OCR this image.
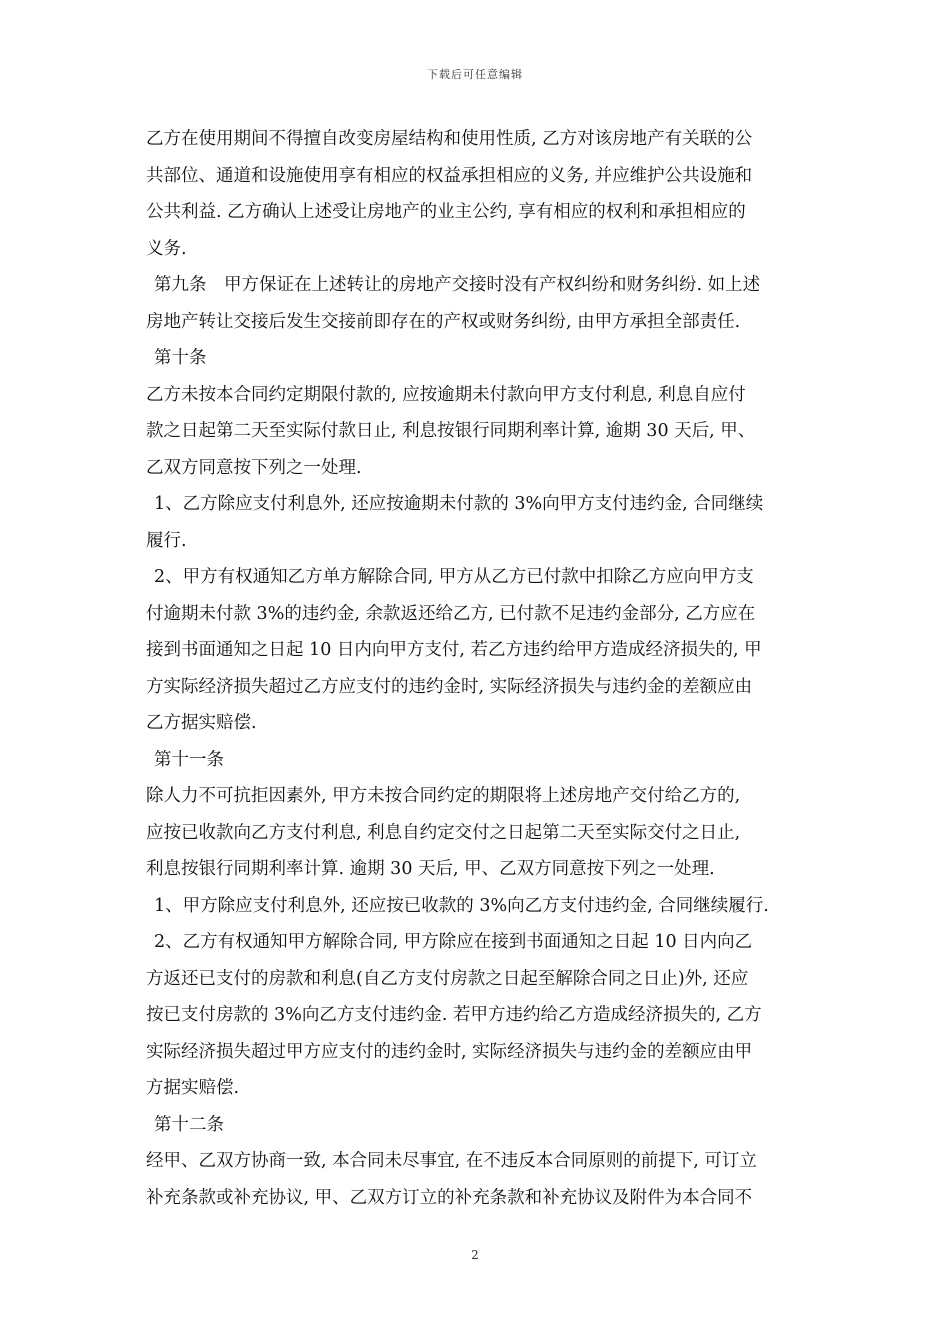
下载后可任意编辑
乙方在使用期间不得擅自改变房屋结构和使用性质, 乙方对该房地产有关联的公
共部位、通道和设施使用享有相应的权益承担相应的义务, 并应维护公共设施和
公共利益. 乙方确认上述受让房地产的业主公约, 享有相应的权利和承担相应的
义务.
第九条　甲方保证在上述转让的房地产交接时没有产权纠纷和财务纠纷. 如上述
房地产转让交接后发生交接前即存在的产权或财务纠纷, 由甲方承担全部责任.
第十条
乙方未按本合同约定期限付款的, 应按逾期未付款向甲方支付利息, 利息自应付
款之日起第二天至实际付款日止, 利息按银行同期利率计算, 逾期 30 天后, 甲、
乙双方同意按下列之一处理.
1、乙方除应支付利息外, 还应按逾期未付款的 3%向甲方支付违约金, 合同继续
履行.
2、甲方有权通知乙方单方解除合同, 甲方从乙方已付款中扣除乙方应向甲方支
付逾期未付款 3%的违约金, 余款返还给乙方, 已付款不足违约金部分, 乙方应在
接到书面通知之日起 10 日内向甲方支付, 若乙方违约给甲方造成经济损失的, 甲
方实际经济损失超过乙方应支付的违约金时, 实际经济损失与违约金的差额应由
乙方据实赔偿.
第十一条
除人力不可抗拒因素外, 甲方未按合同约定的期限将上述房地产交付给乙方的,
应按已收款向乙方支付利息, 利息自约定交付之日起第二天至实际交付之日止,
利息按银行同期利率计算. 逾期 30 天后, 甲、乙双方同意按下列之一处理.
1、甲方除应支付利息外, 还应按已收款的 3%向乙方支付违约金, 合同继续履行.
2、乙方有权通知甲方解除合同, 甲方除应在接到书面通知之日起 10 日内向乙
方返还已支付的房款和利息(自乙方支付房款之日起至解除合同之日止)外, 还应
按已支付房款的 3%向乙方支付违约金. 若甲方违约给乙方造成经济损失的, 乙方
实际经济损失超过甲方应支付的违约金时, 实际经济损失与违约金的差额应由甲
方据实赔偿.
第十二条
经甲、乙双方协商一致, 本合同未尽事宜, 在不违反本合同原则的前提下, 可订立
补充条款或补充协议, 甲、乙双方订立的补充条款和补充协议及附件为本合同不
2
